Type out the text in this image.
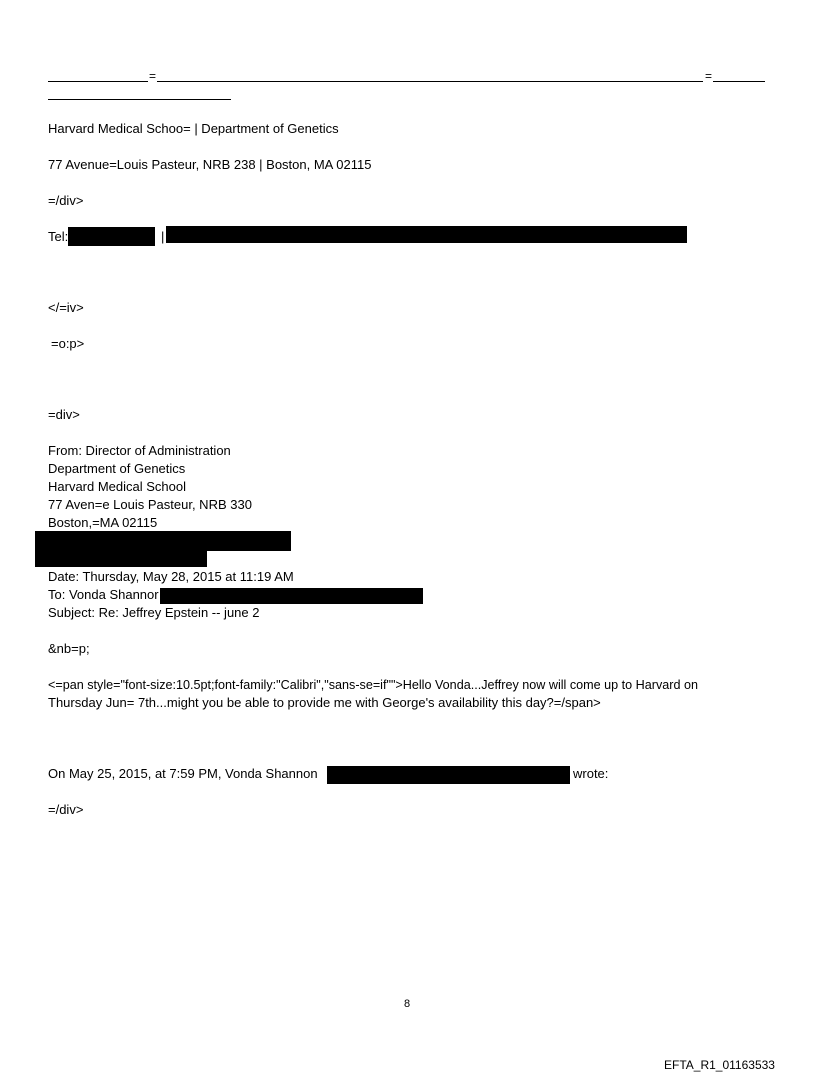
=	=
Harvard Medical Schoo= | Department of Genetics
77 Avenue=Louis Pasteur, NRB 238 | Boston, MA 02115
=/div>
Tel:	|
</=iv>
=o:p>
=div>
From: Director of Administration
Department of Genetics
Harvard Medical School
77 Aven=e Louis Pasteur, NRB 330
Boston,=MA 02115
Date: Thursday, May 28, 2015 at 11:19 AM
To: Vonda Shannor
Subject: Re: Jeffrey Epstein -- june 2
&nb=p;
<=pan style="font-size:10.5pt;font-family:"Calibri","sans-se=if"">Hello Vonda...Jeffrey now will come up to Harvard on
Thursday Jun= 7th...might you be able to provide me with George's availability this day?=/span>
On May 25, 2015, at 7:59 PM, Vonda Shannon	wrote:
=/div>
8
EFTA_R1_01163533
